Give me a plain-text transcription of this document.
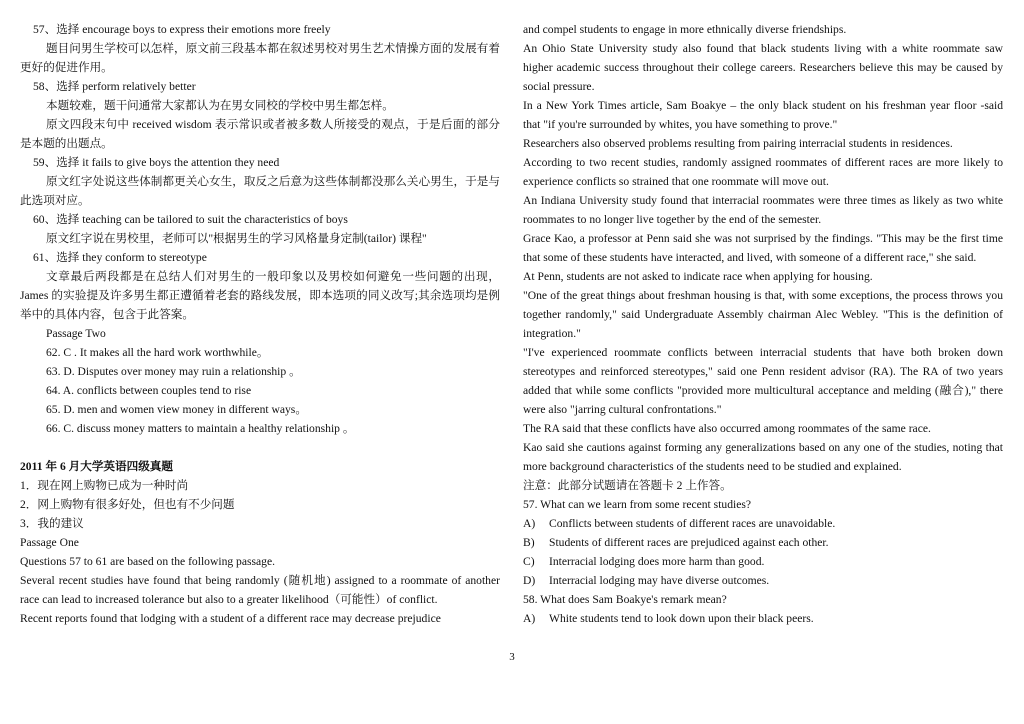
57、选择 encourage boys to express their emotions more freely

题目问男生学校可以怎样，原文前三段基本都在叙述男校对男生艺术情操方面的发展有着更好的促进作用。

58、选择 perform relatively better

本题较难，题干问通常大家都认为在男女同校的学校中男生都怎样。

原文四段末句中 received wisdom 表示常识或者被多数人所接受的观点，于是后面的部分是本题的出题点。

59、选择 it fails to give boys the attention they need

原文红字处说这些体制都更关心女生，取反之后意为这些体制都没那么关心男生，于是与此选项对应。

60、选择 teaching can be tailored to suit the characteristics of boys

原文红字说在男校里，老师可以"根据男生的学习风格量身定制(tailor) 课程"

61、选择 they conform to stereotype

文章最后两段都是在总结人们对男生的一般印象以及男校如何避免一些问题的出现，James 的实验提及许多男生都正遭循着老套的路线发展，即本选项的同义改写;其余选项均是例举中的具体内容，包含于此答案。

Passage Two

62. C . It makes all the hard work worthwhile。

63. D. Disputes over money may ruin a relationship 。

64. A. conflicts between couples tend to rise

65. D. men and women view money in different ways。

66. C. discuss money matters to maintain a healthy relationship 。

2011 年 6 月大学英语四级真题

1．现在网上购物已成为一种时尚

2．网上购物有很多好处，但也有不少问题

3．我的建议

Passage One

Questions 57 to 61 are based on the following passage.

Several recent studies have found that being randomly (随机地) assigned to a roommate of another race can lead to increased tolerance but also to a greater likelihood（可能性）of conflict.

Recent reports found that lodging with a student of a different race may decrease prejudice

and compel students to engage in more ethnically diverse friendships.

An Ohio State University study also found that black students living with a white roommate saw higher academic success throughout their college careers. Researchers believe this may be caused by social pressure.

In a New York Times article, Sam Boakye – the only black student on his freshman year floor -said that "if you're surrounded by whites, you have something to prove."

Researchers also observed problems resulting from pairing interracial students in residences.

According to two recent studies, randomly assigned roommates of different races are more likely to experience conflicts so strained that one roommate will move out.

An Indiana University study found that interracial roommates were three times as likely as two white roommates to no longer live together by the end of the semester.

Grace Kao, a professor at Penn said she was not surprised by the findings. "This may be the first time that some of these students have interacted, and lived, with someone of a different race," she said.

At Penn, students are not asked to indicate race when applying for housing.

"One of the great things about freshman housing is that, with some exceptions, the process throws you together randomly," said Undergraduate Assembly chairman Alec Webley. "This is the definition of integration."

"I've experienced roommate conflicts between interracial students that have both broken down stereotypes and reinforced stereotypes," said one Penn resident advisor (RA). The RA of two years added that while some conflicts "provided more multicultural acceptance and melding (融合)," there were also "jarring cultural confrontations."

The RA said that these conflicts have also occurred among roommates of the same race.

Kao said she cautions against forming any generalizations based on any one of the studies, noting that more background characteristics of the students need to be studied and explained.

注意：此部分试题请在答题卡 2 上作答。

57. What can we learn from some recent studies?

A)	Conflicts between students of different races are unavoidable.
B)	Students of different races are prejudiced against each other.
C)	Interracial lodging does more harm than good.
D)	Interracial lodging may have diverse outcomes.

58. What does Sam Boakye's remark mean?

A)	White students tend to look down upon their black peers.
3
